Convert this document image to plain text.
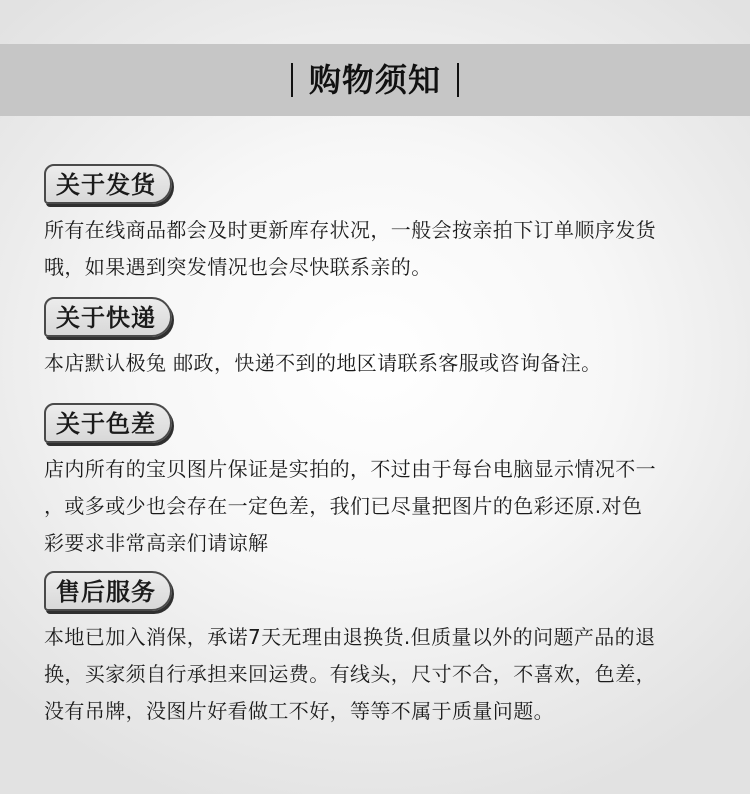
购物须知
关于发货
所有在线商品都会及时更新库存状况，一般会按亲拍下订单顺序发货
哦，如果遇到突发情况也会尽快联系亲的。
关于快递
本店默认极兔 邮政，快递不到的地区请联系客服或咨询备注。
关于色差
店内所有的宝贝图片保证是实拍的，不过由于每台电脑显示情况不一
，或多或少也会存在一定色差，我们已尽量把图片的色彩还原.对色
彩要求非常高亲们请谅解
售后服务
本地已加入消保，承诺7天无理由退换货.但质量以外的问题产品的退
换，买家须自行承担来回运费。有线头，尺寸不合，不喜欢，色差，
没有吊牌，没图片好看做工不好，等等不属于质量问题。
